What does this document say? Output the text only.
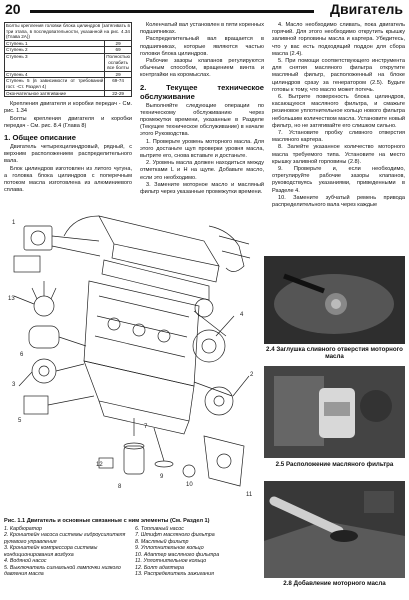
20	Двигатель
Болты крепления головки блока цилиндров (затягивать в три этапа, в последовательности, указанной на рис. 4.34 (Глава 2А))	
Ступень 1	29
Ступень 2	69
Ступень 3	Полностью ослабить все болты
Ступень 4	29
Ступень 5 (в зависимости от требований гост. -Ст. Раздел 4)	69-74
Окончательное затягивание	22-29

Крепления двигателя и коробки передач - См. рис. 1.34

Болты крепления двигателя и коробки передач - См. рис. 8.4 (Глава 8)

1. Общее описание

Двигатель четырехцилиндровый, рядный, с верхним расположением распределительного вала.

Блок цилиндров изготовлен из литого чугуна, а головка блока цилиндров с поперечным потоком масла изготовлена из алюминиевого сплава.

Коленчатый вал установлен в пяти коренных подшипниках.

Распределительный вал вращается в подшипниках, которые являются частью головки блока цилиндров.

Рабочие зазоры клапанов регулируются обычным способом, вращением винта и контргайки на коромыслах.

2. Текущее техническое обслуживание

Выполняйте следующие операции по техническому обслуживанию через промежутки времени, указанные в Разделе (Текущее техническое обслуживание) в начале этого Руководства.

1. Проверьте уровень моторного масла. Для этого достаньте щуп проверки уровня масла, вытрите его, снова вставьте и достаньте.

2. Уровень масла должен находиться между отметками L и H на щупе. Добавьте масло, если это необходимо.

3. Замените моторное масло и масляный фильтр через указанные промежутки времени.

4. Масло необходимо сливать, пока двигатель горячий. Для этого необходимо открутить крышку заливной горловины масла и картера. Убедитесь, что у вас есть подходящий поддон для сбора масла (2.4).

5. При помощи соответствующего инструмента для снятия масляного фильтра открутите масляный фильтр, расположенный на блоке цилиндров сразу за генератором (2.5). Будьте готовы к тому, что масло может потечь.

6. Вытрите поверхность блока цилиндров, касающуюся масляного фильтра, и смажьте резиновое уплотнительное кольцо нового фильтра небольшим количеством масла. Установите новый фильтр, но не затягивайте его слишком сильно.

7. Установите пробку сливного отверстия масляного картера.

8. Залейте указанное количество моторного масла требуемого типа. Установите на место крышку заливной горловины (2.8).

9. Проверьте и, если необходимо, отрегулируйте рабочие зазоры клапанов, руководствуясь указаниями, приведенными в Разделе 4.

10. Замените зубчатый ремень привода распределительного вала через каждые

1
13
3
4
2
12
8
9
10
7
5
6
11
Рис. 1.1 Двигатель и основные связанные с ним элементы (См. Раздел 1)
1. Карбюратор
2. Кронштейн насоса системы гидроусилителя рулевого управления
3. Кронштейн компрессора системы кондиционирования воздуха
4. Водяной насос
5. Выключатель сигнальной лампочки низкого давления масла
6. Топливный насос
7. Штифт масляного фильтра
8. Масляный фильтр
9. Уплотнительное кольцо
10. Адаптер масляного фильтра
11. Уплотнительное кольцо
12. Болт адаптера
13. Распределитель зажигания
2.4 Заглушка сливного отверстия моторного масла
2.5 Расположение масляного фильтра
2.8 Добавление моторного масла
